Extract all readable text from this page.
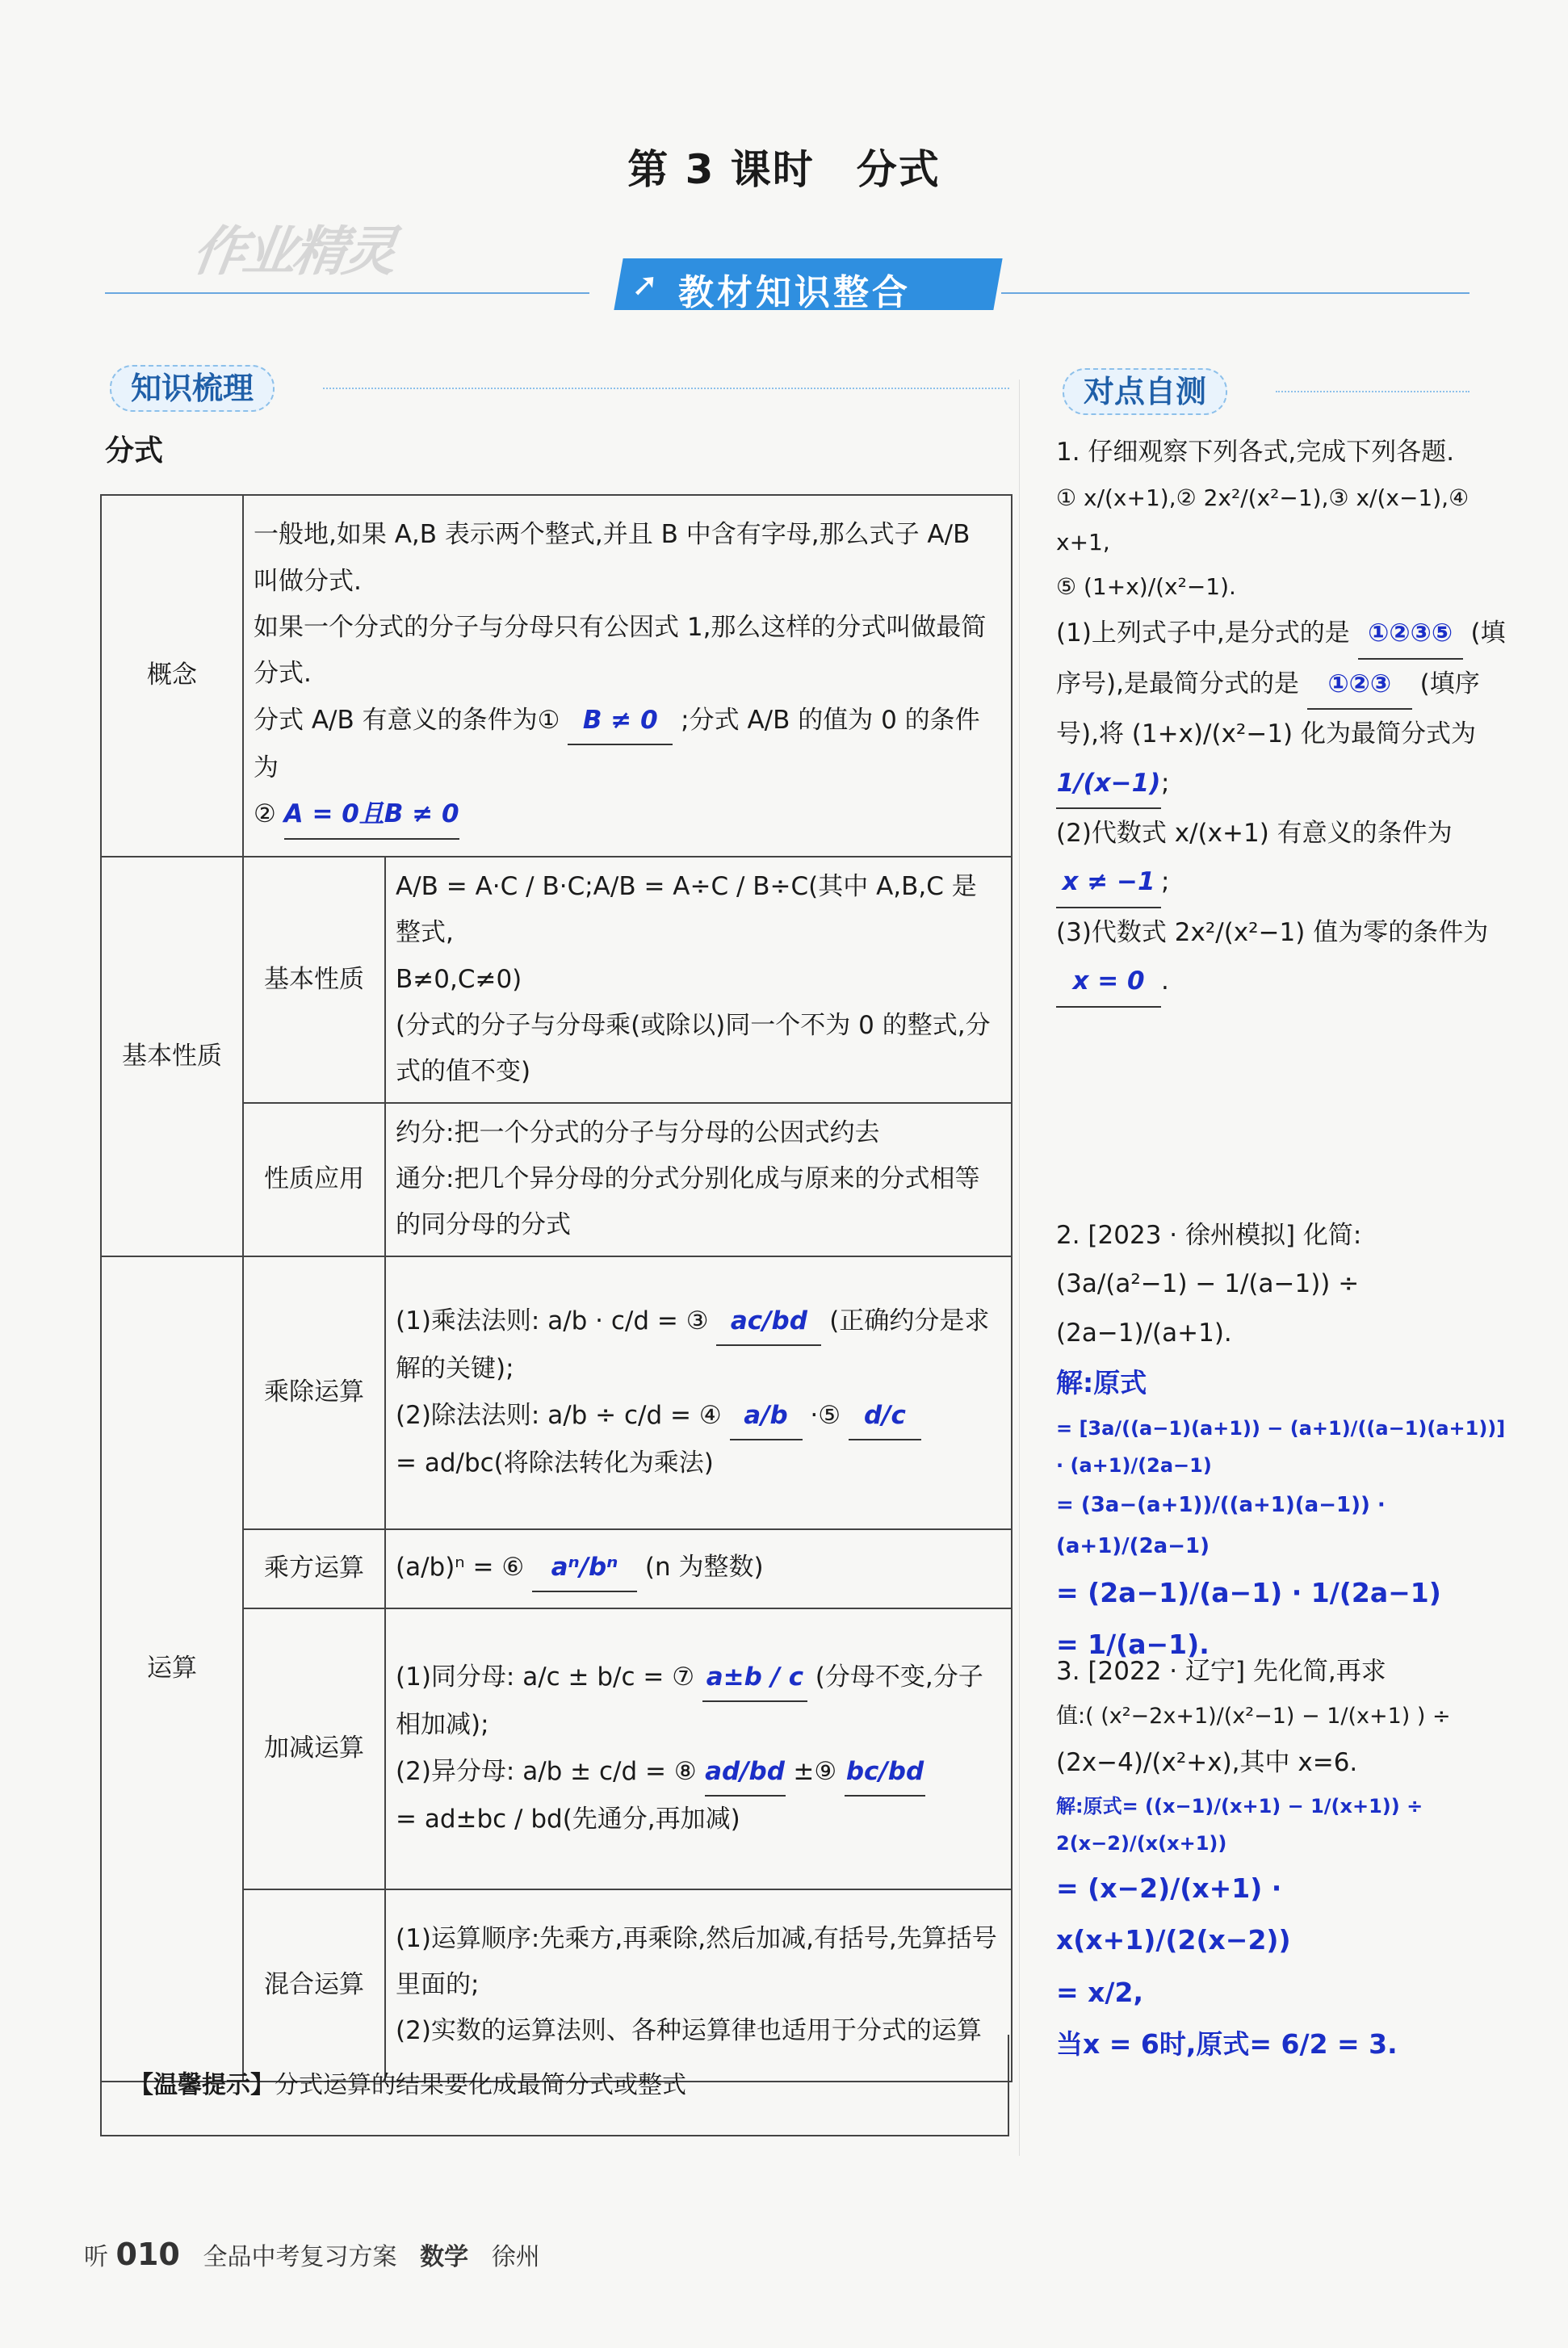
第 3 课时　分式
作业精灵
➚ 教材知识整合
知识梳理	对点自测
分式
概念	一般地,如果 A,B 表示两个整式,并且 B 中含有字母,那么式子 A/B 叫做分式.
如果一个分式的分子与分母只有公因式 1,那么这样的分式叫做最简分式.
分式 A/B 有意义的条件为① B ≠ 0 ;分式 A/B 的值为 0 的条件为
② A = 0且B ≠ 0	

基本性质	基本性质	A/B = A·C / B·C;A/B = A÷C / B÷C(其中 A,B,C 是整式,
B≠0,C≠0)
(分式的分子与分母乘(或除以)同一个不为 0 的整式,分式的值不变)

	性质应用	约分:把一个分式的分子与分母的公因式约去
通分:把几个异分母的分式分别化成与原来的分式相等的同分母的分式

运算	乘除运算	(1)乘法法则: a/b · c/d = ③ ac/bd (正确约分是求解的关键);
(2)除法法则: a/b ÷ c/d = ④ a/b ·⑤ d/c
= ad/bc(将除法转化为乘法)

	乘方运算	(a/b)ⁿ = ⑥ aⁿ/bⁿ (n 为整数)
	加减运算	(1)同分母: a/c ± b/c = ⑦ a±b / c (分母不变,分子相加减);
(2)异分母: a/b ± c/d = ⑧ ad/bd ±⑨ bc/bd
= ad±bc / bd(先通分,再加减)

	混合运算	(1)运算顺序:先乘方,再乘除,然后加减,有括号,先算括号里面的;
(2)实数的运算法则、各种运算律也适用于分式的运算
【温馨提示】分式运算的结果要化成最简分式或整式
1. 仔细观察下列各式,完成下列各题.
① x/(x+1),② 2x²/(x²−1),③ x/(x−1),④ x+1,
⑤ (1+x)/(x²−1).
(1)上列式子中,是分式的是 ①②③⑤ (填序号),是最简分式的是 ①②③ (填序号),将 (1+x)/(x²−1) 化为最简分式为 1/(x−1);
(2)代数式 x/(x+1) 有意义的条件为 x ≠ −1 ;
(3)代数式 2x²/(x²−1) 值为零的条件为 x = 0 .
2. [2023 · 徐州模拟] 化简:
(3a/(a²−1) − 1/(a−1)) ÷ (2a−1)/(a+1).
解:原式
= [3a/((a−1)(a+1)) − (a+1)/((a−1)(a+1))] · (a+1)/(2a−1)
= (3a−(a+1))/((a+1)(a−1)) · (a+1)/(2a−1)
= (2a−1)/(a−1) · 1/(2a−1)
= 1/(a−1).
3. [2022 · 辽宁] 先化简,再求
值:( (x²−2x+1)/(x²−1) − 1/(x+1) ) ÷
(2x−4)/(x²+x),其中 x=6.
解:原式= ((x−1)/(x+1) − 1/(x+1)) ÷ 2(x−2)/(x(x+1))
= (x−2)/(x+1) · x(x+1)/(2(x−2))
= x/2,
当x = 6时,原式= 6/2 = 3.
听 010 全品中考复习方案 数学 徐州
